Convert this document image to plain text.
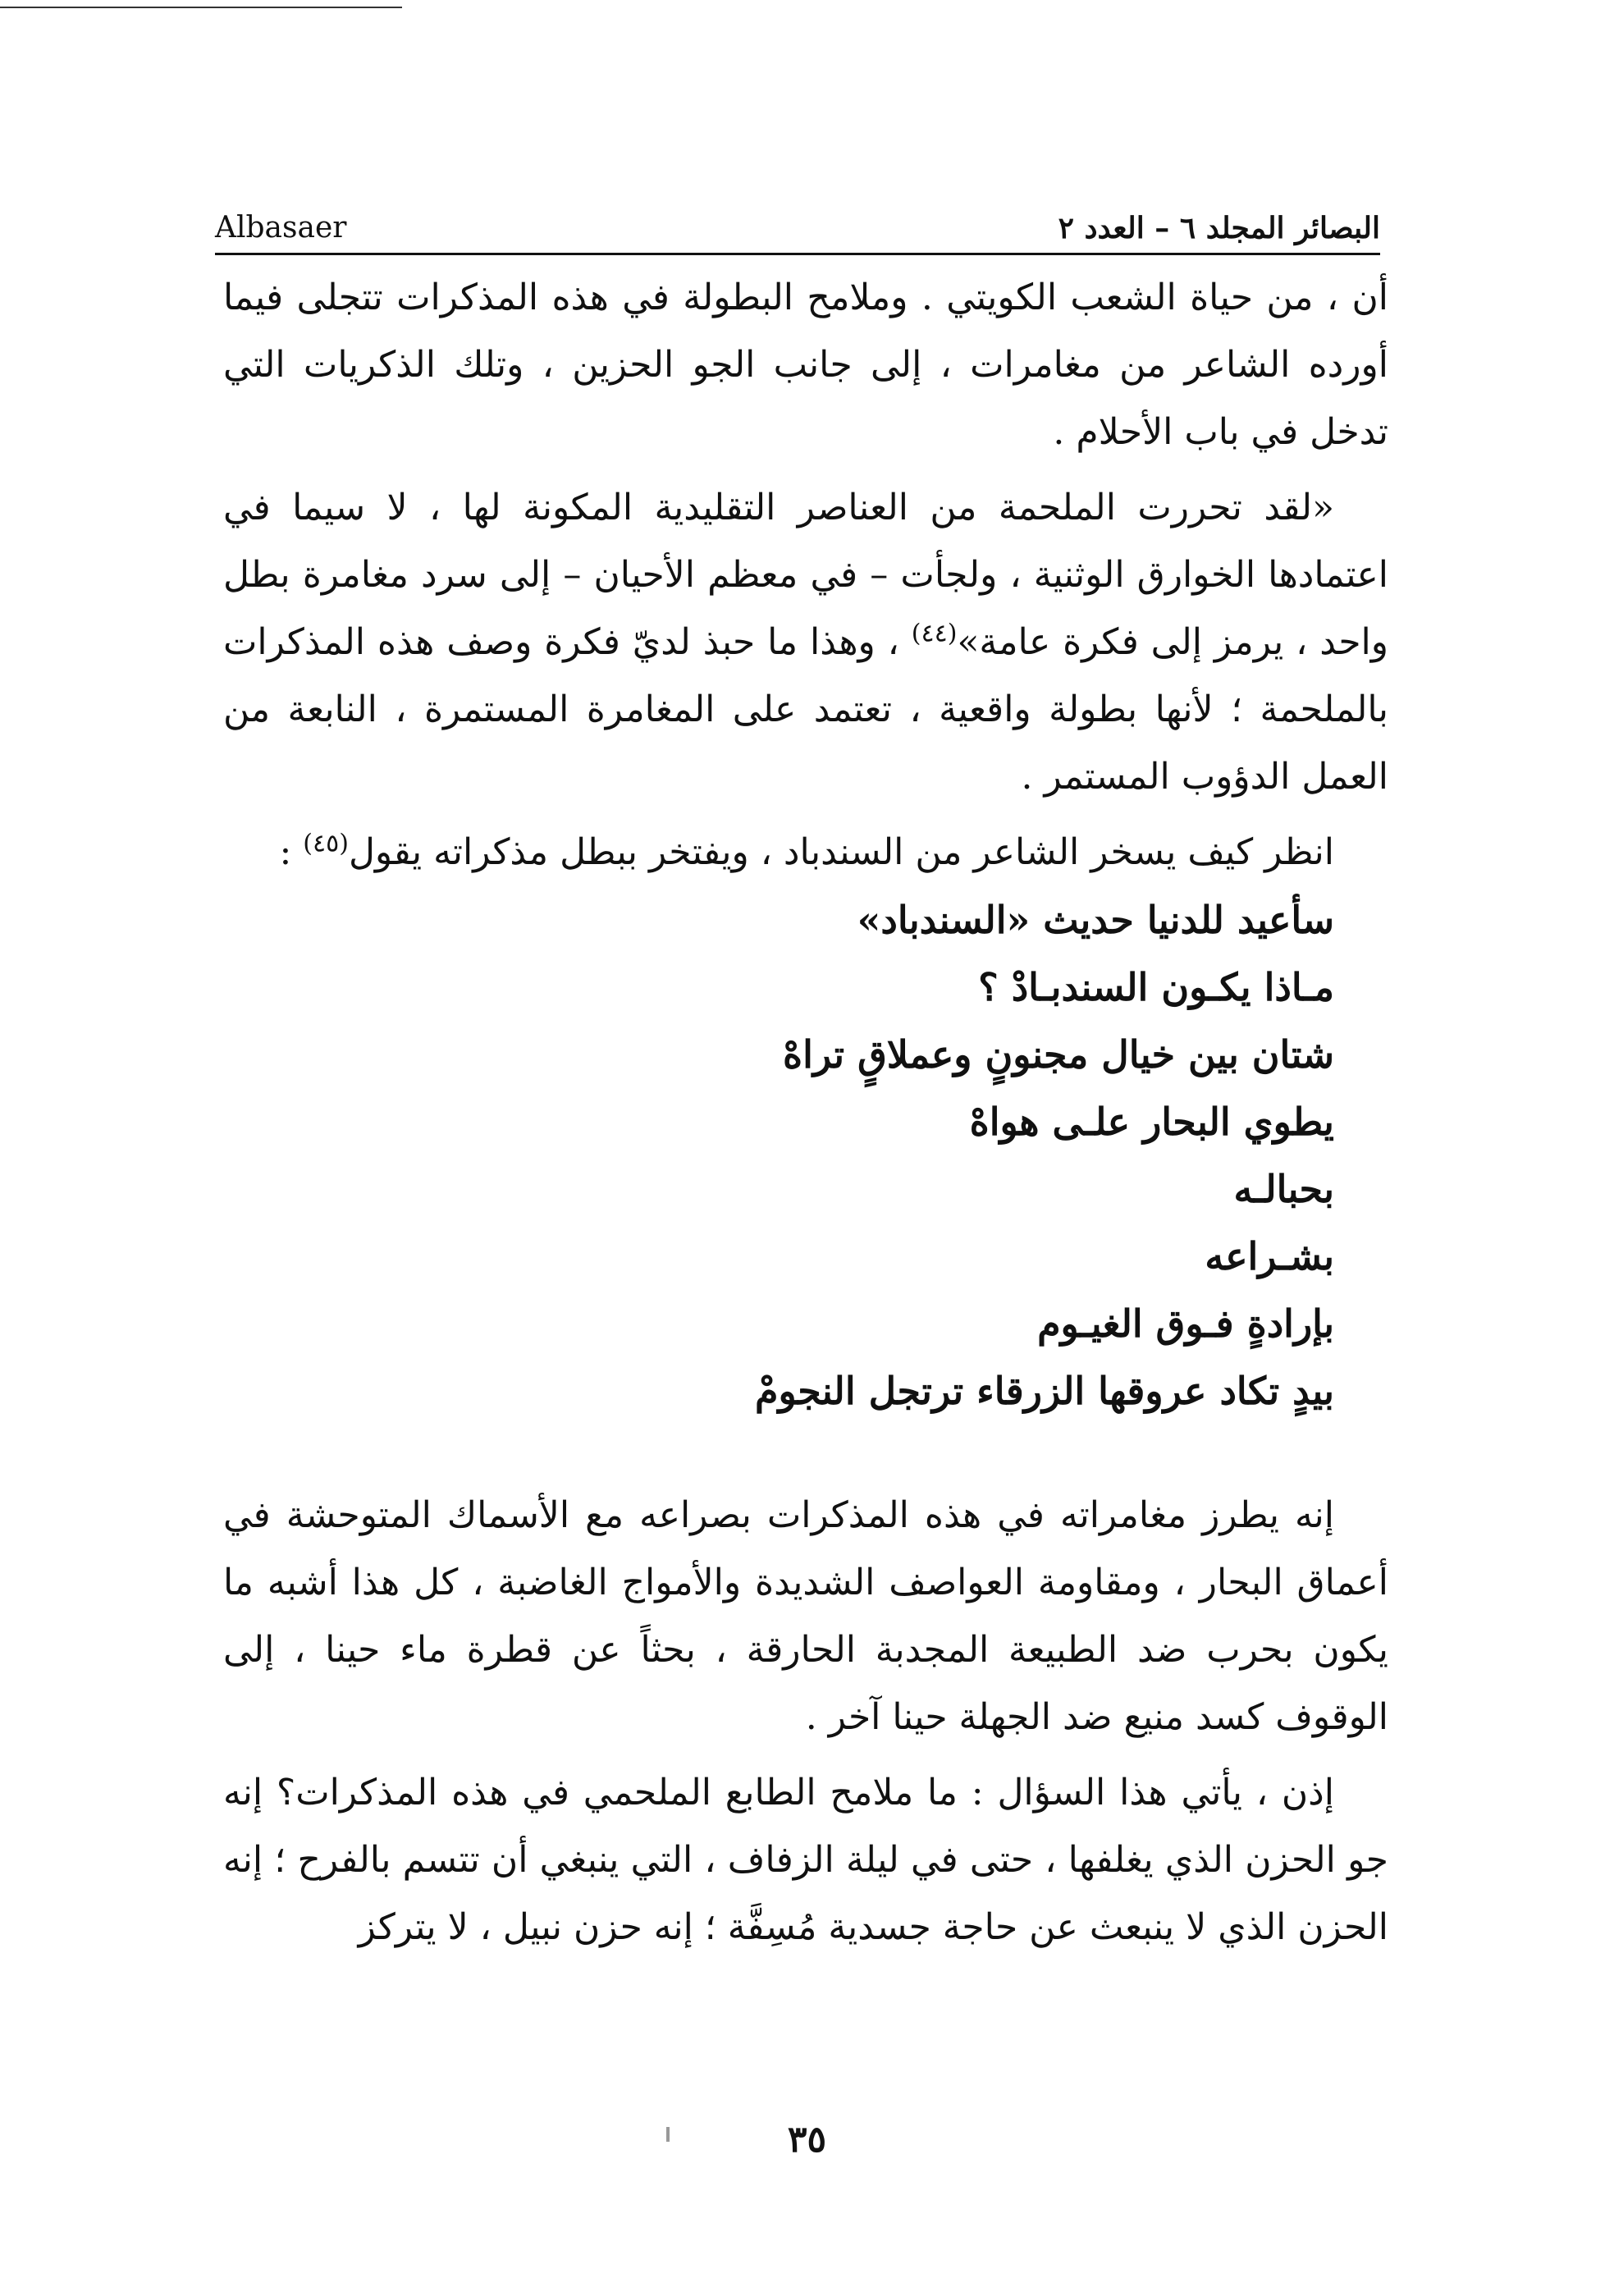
البصائر المجلد ٦ – العدد ٢
Albasaer

أن ، من حياة الشعب الكويتي . وملامح البطولة في هذه المذكرات تتجلى فيما أورده الشاعر من مغامرات ، إلى جانب الجو الحزين ، وتلك الذكريات التي تدخل في باب الأحلام .

«لقد تحررت الملحمة من العناصر التقليدية المكونة لها ، لا سيما في اعتمادها الخوارق الوثنية ، ولجأت – في معظم الأحيان – إلى سرد مغامرة بطل واحد ، يرمز إلى فكرة عامة»$^{(٤٤)}$ ، وهذا ما حبذ لديّ فكرة وصف هذه المذكرات بالملحمة ؛ لأنها بطولة واقعية ، تعتمد على المغامرة المستمرة ، النابعة من العمل الدؤوب المستمر .

انظر كيف يسخر الشاعر من السندباد ، ويفتخر ببطل مذكراته يقول$^{(٤٥)}$ :

سأعيد للدنيا حديث «السندباد»
مـاذا يكـون السندبـادْ ؟
شتان بين خيال مجنونٍ وعملاقٍ تراهْ
يطوي البحار علـى هواهْ
بحبالـه
بشـراعه
بإرادةٍ فـوق الغيـوم
بيدٍ تكاد عروقها الزرقاء ترتجل النجومْ

إنه يطرز مغامراته في هذه المذكرات بصراعه مع الأسماك المتوحشة في أعماق البحار ، ومقاومة العواصف الشديدة والأمواج الغاضبة ، كل هذا أشبه ما يكون بحرب ضد الطبيعة المجدبة الحارقة ، بحثاً عن قطرة ماء حينا ، إلى الوقوف كسد منيع ضد الجهلة حينا آخر .

إذن ، يأتي هذا السؤال : ما ملامح الطابع الملحمي في هذه المذكرات؟ إنه جو الحزن الذي يغلفها ، حتى في ليلة الزفاف ، التي ينبغي أن تتسم بالفرح ؛ إنه الحزن الذي لا ينبعث عن حاجة جسدية مُسِفَّة ؛ إنه حزن نبيل ، لا يتركز

٣٥
